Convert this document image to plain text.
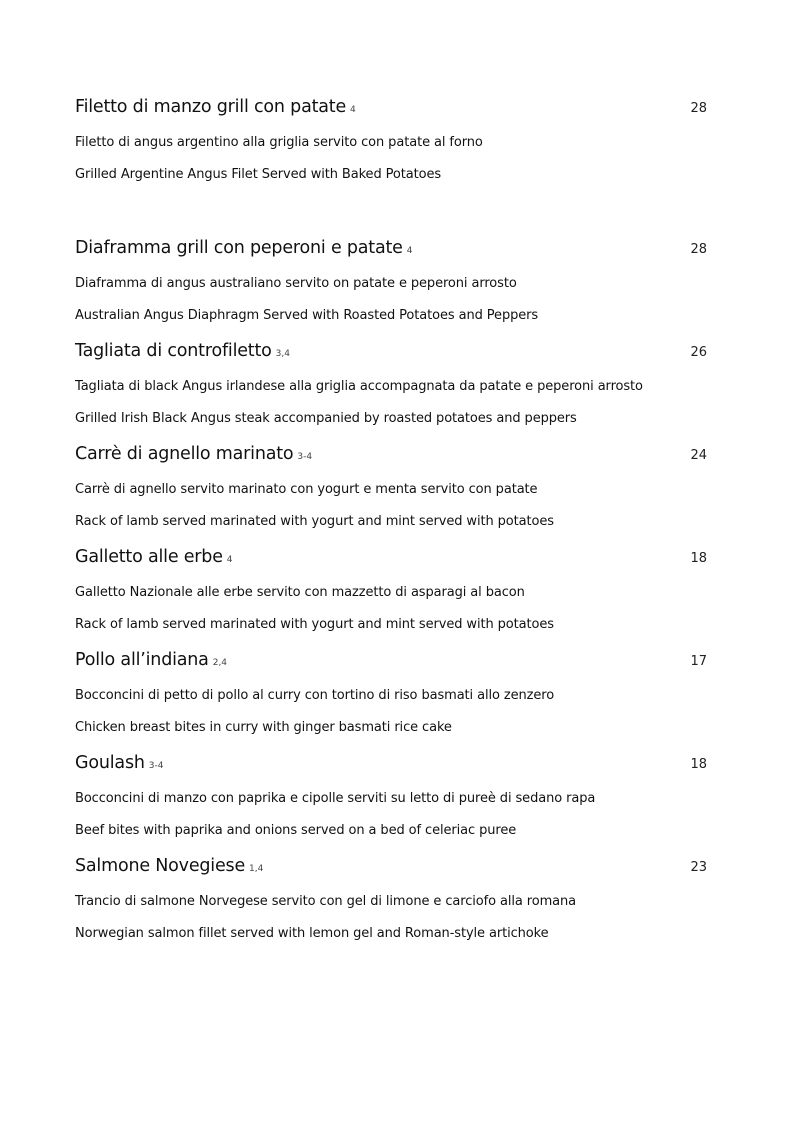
Filetto di manzo grill con patate 4	28
Filetto di angus argentino alla griglia servito con patate al forno
Grilled Argentine Angus Filet Served with Baked Potatoes
Diaframma grill con peperoni e patate 4	28
Diaframma di angus australiano servito on patate e peperoni arrosto
Australian Angus Diaphragm Served with Roasted Potatoes and Peppers
Tagliata di controfiletto 3,4	26
Tagliata di black Angus irlandese alla griglia accompagnata da patate e peperoni arrosto
Grilled Irish Black Angus steak accompanied by roasted potatoes and peppers
Carrè di agnello marinato 3-4	24
Carrè di agnello servito marinato con yogurt e menta servito con patate
Rack of lamb served marinated with yogurt and mint served with potatoes
Galletto alle erbe 4	18
Galletto Nazionale alle erbe servito con mazzetto di asparagi al bacon
Rack of lamb served marinated with yogurt and mint served with potatoes
Pollo all’indiana 2,4	17
Bocconcini di petto di pollo al curry con tortino di riso basmati allo zenzero
Chicken breast bites in curry with ginger basmati rice cake
Goulash 3-4	18
Bocconcini di manzo con paprika e cipolle serviti su letto di pureè di sedano rapa
Beef bites with paprika and onions served on a bed of celeriac puree
Salmone Novegiese 1,4	23
Trancio di salmone Norvegese servito con gel di limone e carciofo alla romana
Norwegian salmon fillet served with lemon gel and Roman-style artichoke
